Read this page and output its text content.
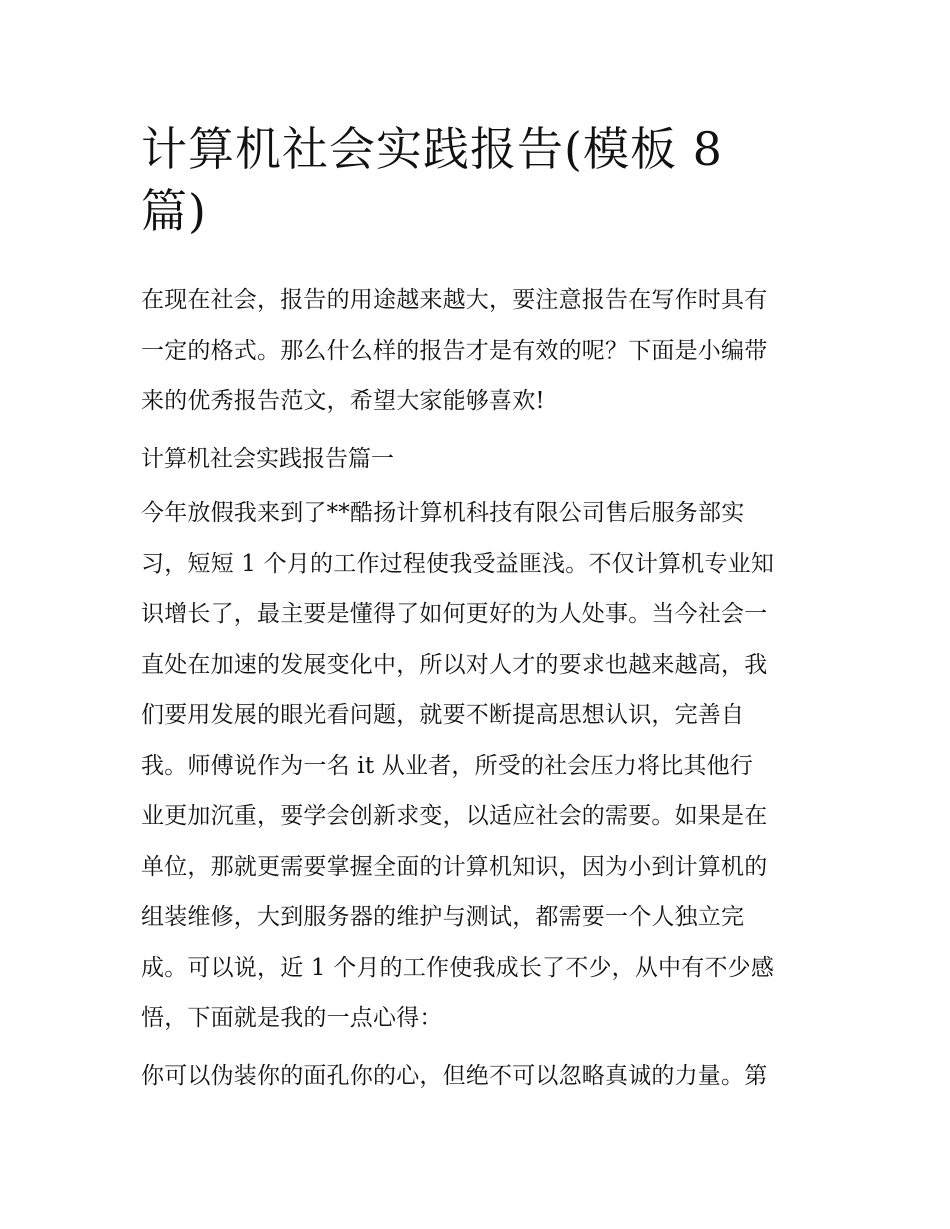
计算机社会实践报告(模板 8
篇)

在现在社会，报告的用途越来越大，要注意报告在写作时具有
一定的格式。那么什么样的报告才是有效的呢？下面是小编带
来的优秀报告范文，希望大家能够喜欢!

计算机社会实践报告篇一

今年放假我来到了**酷扬计算机科技有限公司售后服务部实
习，短短 1 个月的工作过程使我受益匪浅。不仅计算机专业知
识增长了，最主要是懂得了如何更好的为人处事。当今社会一
直处在加速的发展变化中，所以对人才的要求也越来越高，我
们要用发展的眼光看问题，就要不断提高思想认识，完善自
我。师傅说作为一名 it 从业者，所受的社会压力将比其他行
业更加沉重，要学会创新求变，以适应社会的需要。如果是在
单位，那就更需要掌握全面的计算机知识，因为小到计算机的
组装维修，大到服务器的维护与测试，都需要一个人独立完
成。可以说，近 1 个月的工作使我成长了不少，从中有不少感
悟，下面就是我的一点心得：

你可以伪装你的面孔你的心，但绝不可以忽略真诚的力量。第
